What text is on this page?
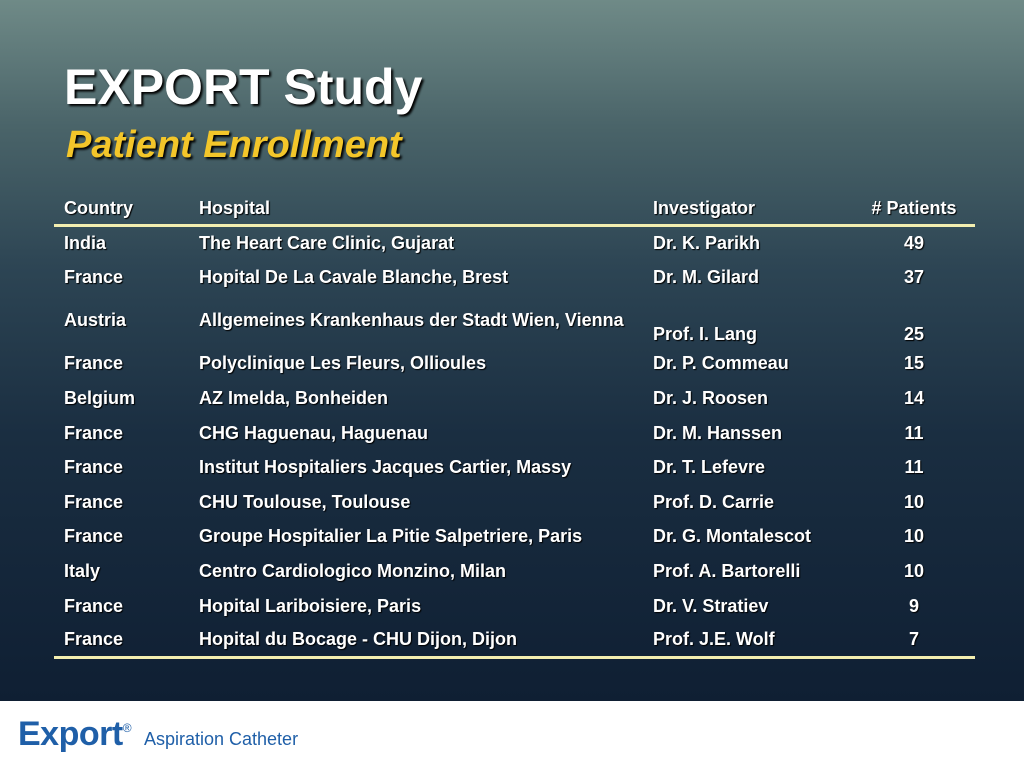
EXPORT Study
Patient Enrollment
Country	Hospital	Investigator	# Patients
India	The Heart Care Clinic, Gujarat	Dr. K. Parikh	49
France	Hopital De La Cavale Blanche, Brest	Dr. M. Gilard	37
Austria	Allgemeines Krankenhaus der Stadt Wien, Vienna	Prof. I. Lang	25
France	Polyclinique Les Fleurs, Ollioules	Dr. P. Commeau	15
Belgium	AZ Imelda, Bonheiden	Dr. J. Roosen	14
France	CHG Haguenau, Haguenau	Dr. M. Hanssen	11
France	Institut Hospitaliers Jacques Cartier, Massy	Dr. T. Lefevre	11
France	CHU Toulouse, Toulouse	Prof. D. Carrie	10
France	Groupe Hospitalier La Pitie Salpetriere, Paris	Dr. G. Montalescot	10
Italy	Centro Cardiologico Monzino, Milan	Prof. A. Bartorelli	10
France	Hopital Lariboisiere, Paris	Dr. V. Stratiev	9
France	Hopital du Bocage - CHU Dijon, Dijon	Prof. J.E. Wolf	7
Export® Aspiration Catheter
